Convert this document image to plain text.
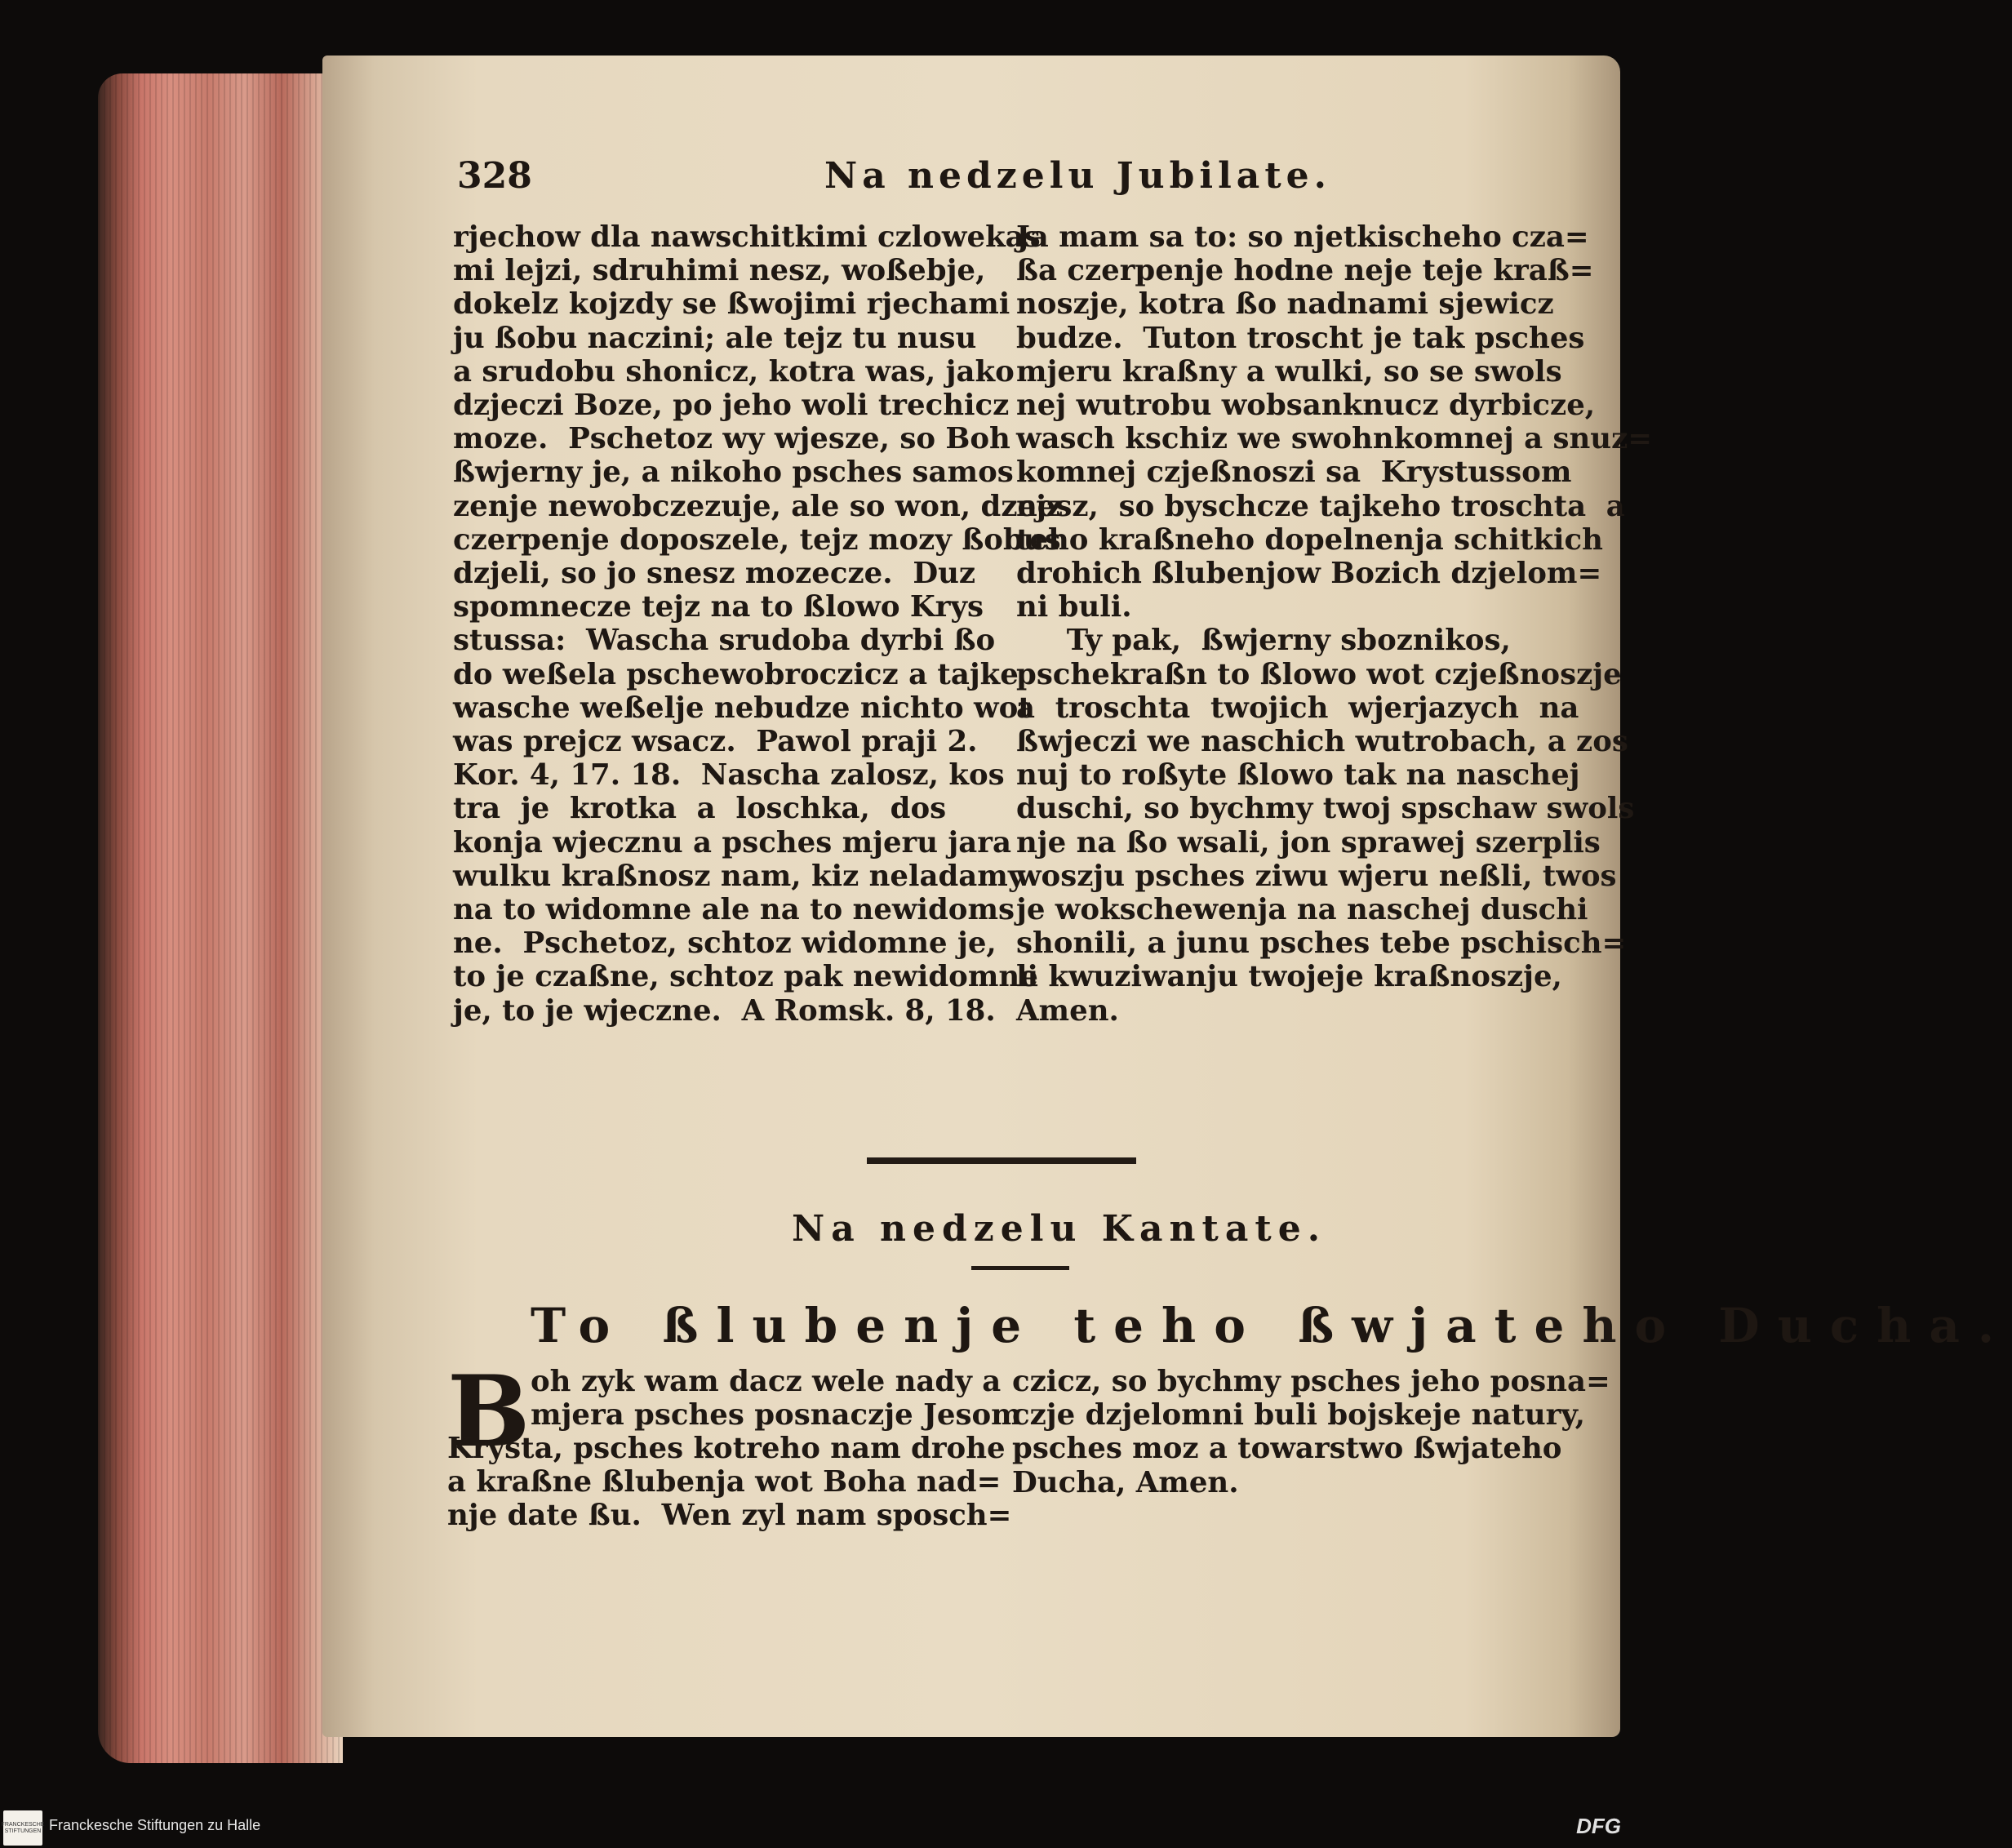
328	Na nedzelu Jubilate.
rjechow dla nawschitkimi czlowekas
mi lejzi, sdruhimi nesz, woßebje,
dokelz kojzdy se ßwojimi rjechami
ju ßobu naczini; ale tejz tu nusu
a srudobu shonicz, kotra was, jako
dzjeczi Boze, po jeho woli trechicz
moze.  Pschetoz wy wjesze, so Boh
ßwjerny je, a nikoho psches samos
zenje newobczezuje, ale so won, dzejz
czerpenje doposzele, tejz mozy ßobus
dzjeli, so jo snesz mozecze.  Duz
spomnecze tejz na to ßlowo Krys
stussa:  Wascha srudoba dyrbi ßo
do weßela pschewobroczicz a tajke
wasche weßelje nebudze nichto wot
was prejcz wsacz.  Pawol praji 2.
Kor. 4, 17. 18.  Nascha zalosz, kos
tra  je  krotka  a  loschka,  dos
konja wjecznu a psches mjeru jara
wulku kraßnosz nam, kiz neladamy
na to widomne ale na to newidoms
ne.  Pschetoz, schtoz widomne je,
to je czaßne, schtoz pak newidomne
je, to je wjeczne.  A Romsk. 8, 18.
Ja mam sa to: so njetkischeho cza=
ßa czerpenje hodne neje teje kraß=
noszje, kotra ßo nadnami sjewicz
budze.  Tuton troscht je tak psches
mjeru kraßny a wulki, so se swols
nej wutrobu wobsanknucz dyrbicze,
wasch kschiz we swohnkomnej a snuz=
komnej czjeßnoszi sa  Krystussom
nesz,  so byschcze tajkeho troschta  a
teho kraßneho dopelnenja schitkich
drohich ßlubenjow Bozich dzjelom=
ni buli.
Ty pak,  ßwjerny sboznikos,
pschekraßn to ßlowo wot czjeßnoszje
a  troschta  twojich  wjerjazych  na
ßwjeczi we naschich wutrobach, a zos
nuj to roßyte ßlowo tak na naschej
duschi, so bychmy twoj spschaw swols
nje na ßo wsali, jon sprawej szerplis
woszju psches ziwu wjeru neßli, twos
je wokschewenja na naschej duschi
shonili, a junu psches tebe pschisch=
li kwuziwanju twojeje kraßnoszje,
Amen.
Na nedzelu Kantate.
To ßlubenje teho ßwjateho Ducha.
B oh zyk wam dacz wele nady a
mjera psches posnaczje Jesom
Krysta, psches kotreho nam drohe
a kraßne ßlubenja wot Boha nad=
nje date ßu.  Wen zyl nam sposch=
czicz, so bychmy psches jeho posna=
czje dzjelomni buli bojskeje natury,
psches moz a towarstwo ßwjateho
Ducha, Amen.
FRANCKESCHE STIFTUNGEN Franckesche Stiftungen zu Halle	DFG
